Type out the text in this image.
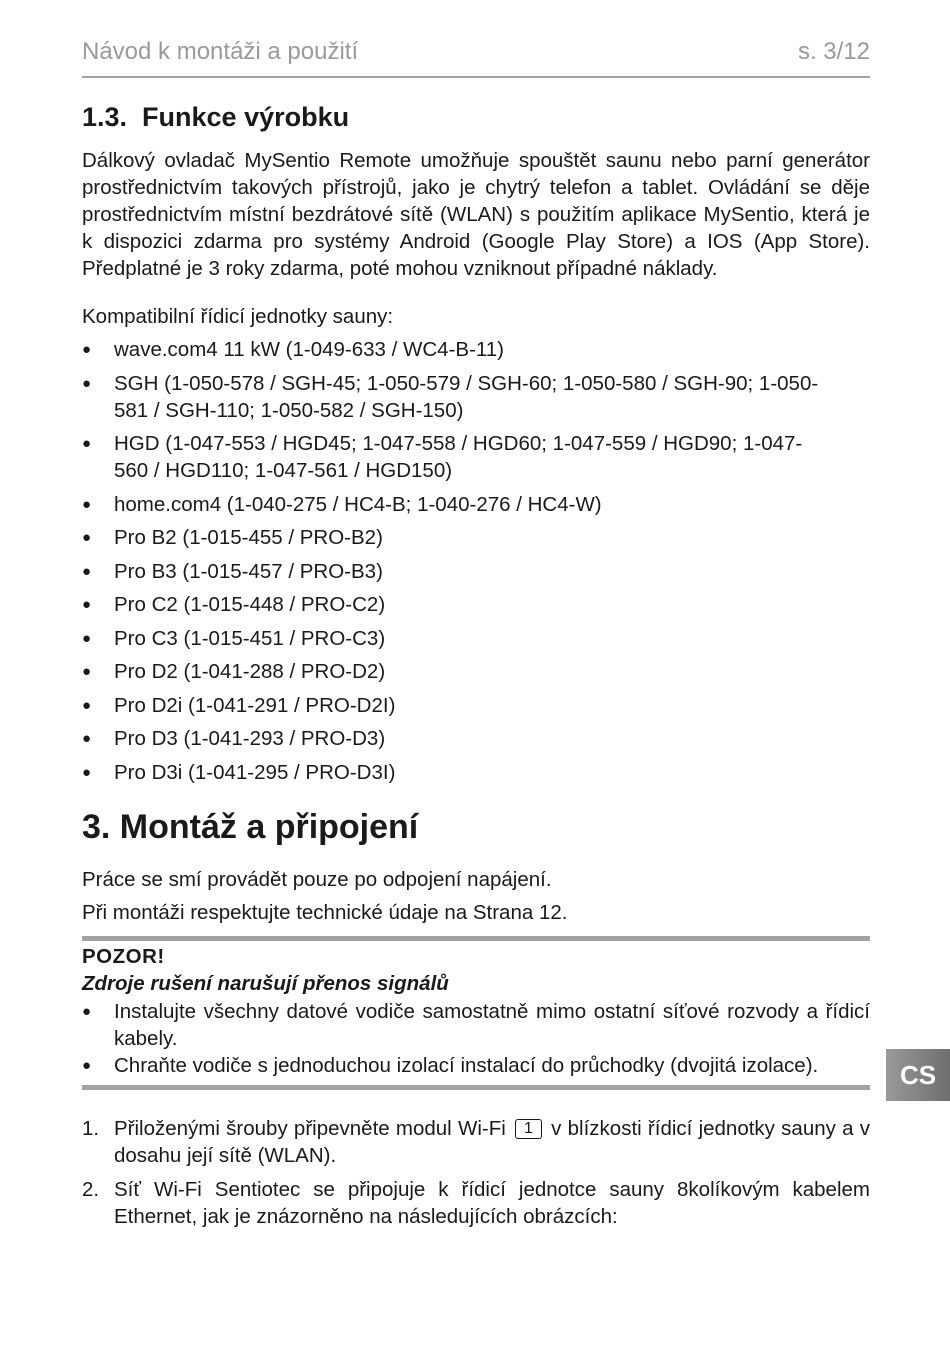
Návod k montáži a použití	s. 3/12
1.3.  Funkce výrobku
Dálkový ovladač MySentio Remote umožňuje spouštět saunu nebo parní generátor prostřednictvím takových přístrojů, jako je chytrý telefon a tablet. Ovládání se děje prostřednictvím místní bezdrátové sítě (WLAN) s použitím aplikace MySentio, která je k dispozici zdarma pro systémy Android (Google Play Store) a IOS (App Store). Předplatné je 3 roky zdarma, poté mohou vzniknout případné náklady.
Kompatibilní řídicí jednotky sauny:
● wave.com4 11 kW (1-049-633 / WC4-B-11)
● SGH (1-050-578 / SGH-45; 1-050-579 / SGH-60; 1-050-580 / SGH-90; 1-050-581 / SGH-110; 1-050-582 / SGH-150)
● HGD (1-047-553 / HGD45; 1-047-558 / HGD60; 1-047-559 / HGD90; 1-047-560 / HGD110; 1-047-561 / HGD150)
● home.com4 (1-040-275 / HC4-B; 1-040-276 / HC4-W)
● Pro B2 (1-015-455 / PRO-B2)
● Pro B3 (1-015-457 / PRO-B3)
● Pro C2 (1-015-448 / PRO-C2)
● Pro C3 (1-015-451 / PRO-C3)
● Pro D2 (1-041-288 / PRO-D2)
● Pro D2i (1-041-291 / PRO-D2I)
● Pro D3 (1-041-293 / PRO-D3)
● Pro D3i (1-041-295 / PRO-D3I)
3. Montáž a připojení
Práce se smí provádět pouze po odpojení napájení.
Při montáži respektujte technické údaje na Strana 12.
POZOR!
Zdroje rušení narušují přenos signálů
● Instalujte všechny datové vodiče samostatně mimo ostatní síťové rozvody a řídicí kabely.
● Chraňte vodiče s jednoduchou izolací instalací do průchodky (dvojitá izolace).
1. Přiloženými šrouby připevněte modul Wi-Fi 1 v blízkosti řídicí jednotky sauny a v dosahu její sítě (WLAN).
2. Síť Wi-Fi Sentiotec se připojuje k řídicí jednotce sauny 8kolíkovým kabelem Ethernet, jak je znázorněno na následujících obrázcích:
CS
